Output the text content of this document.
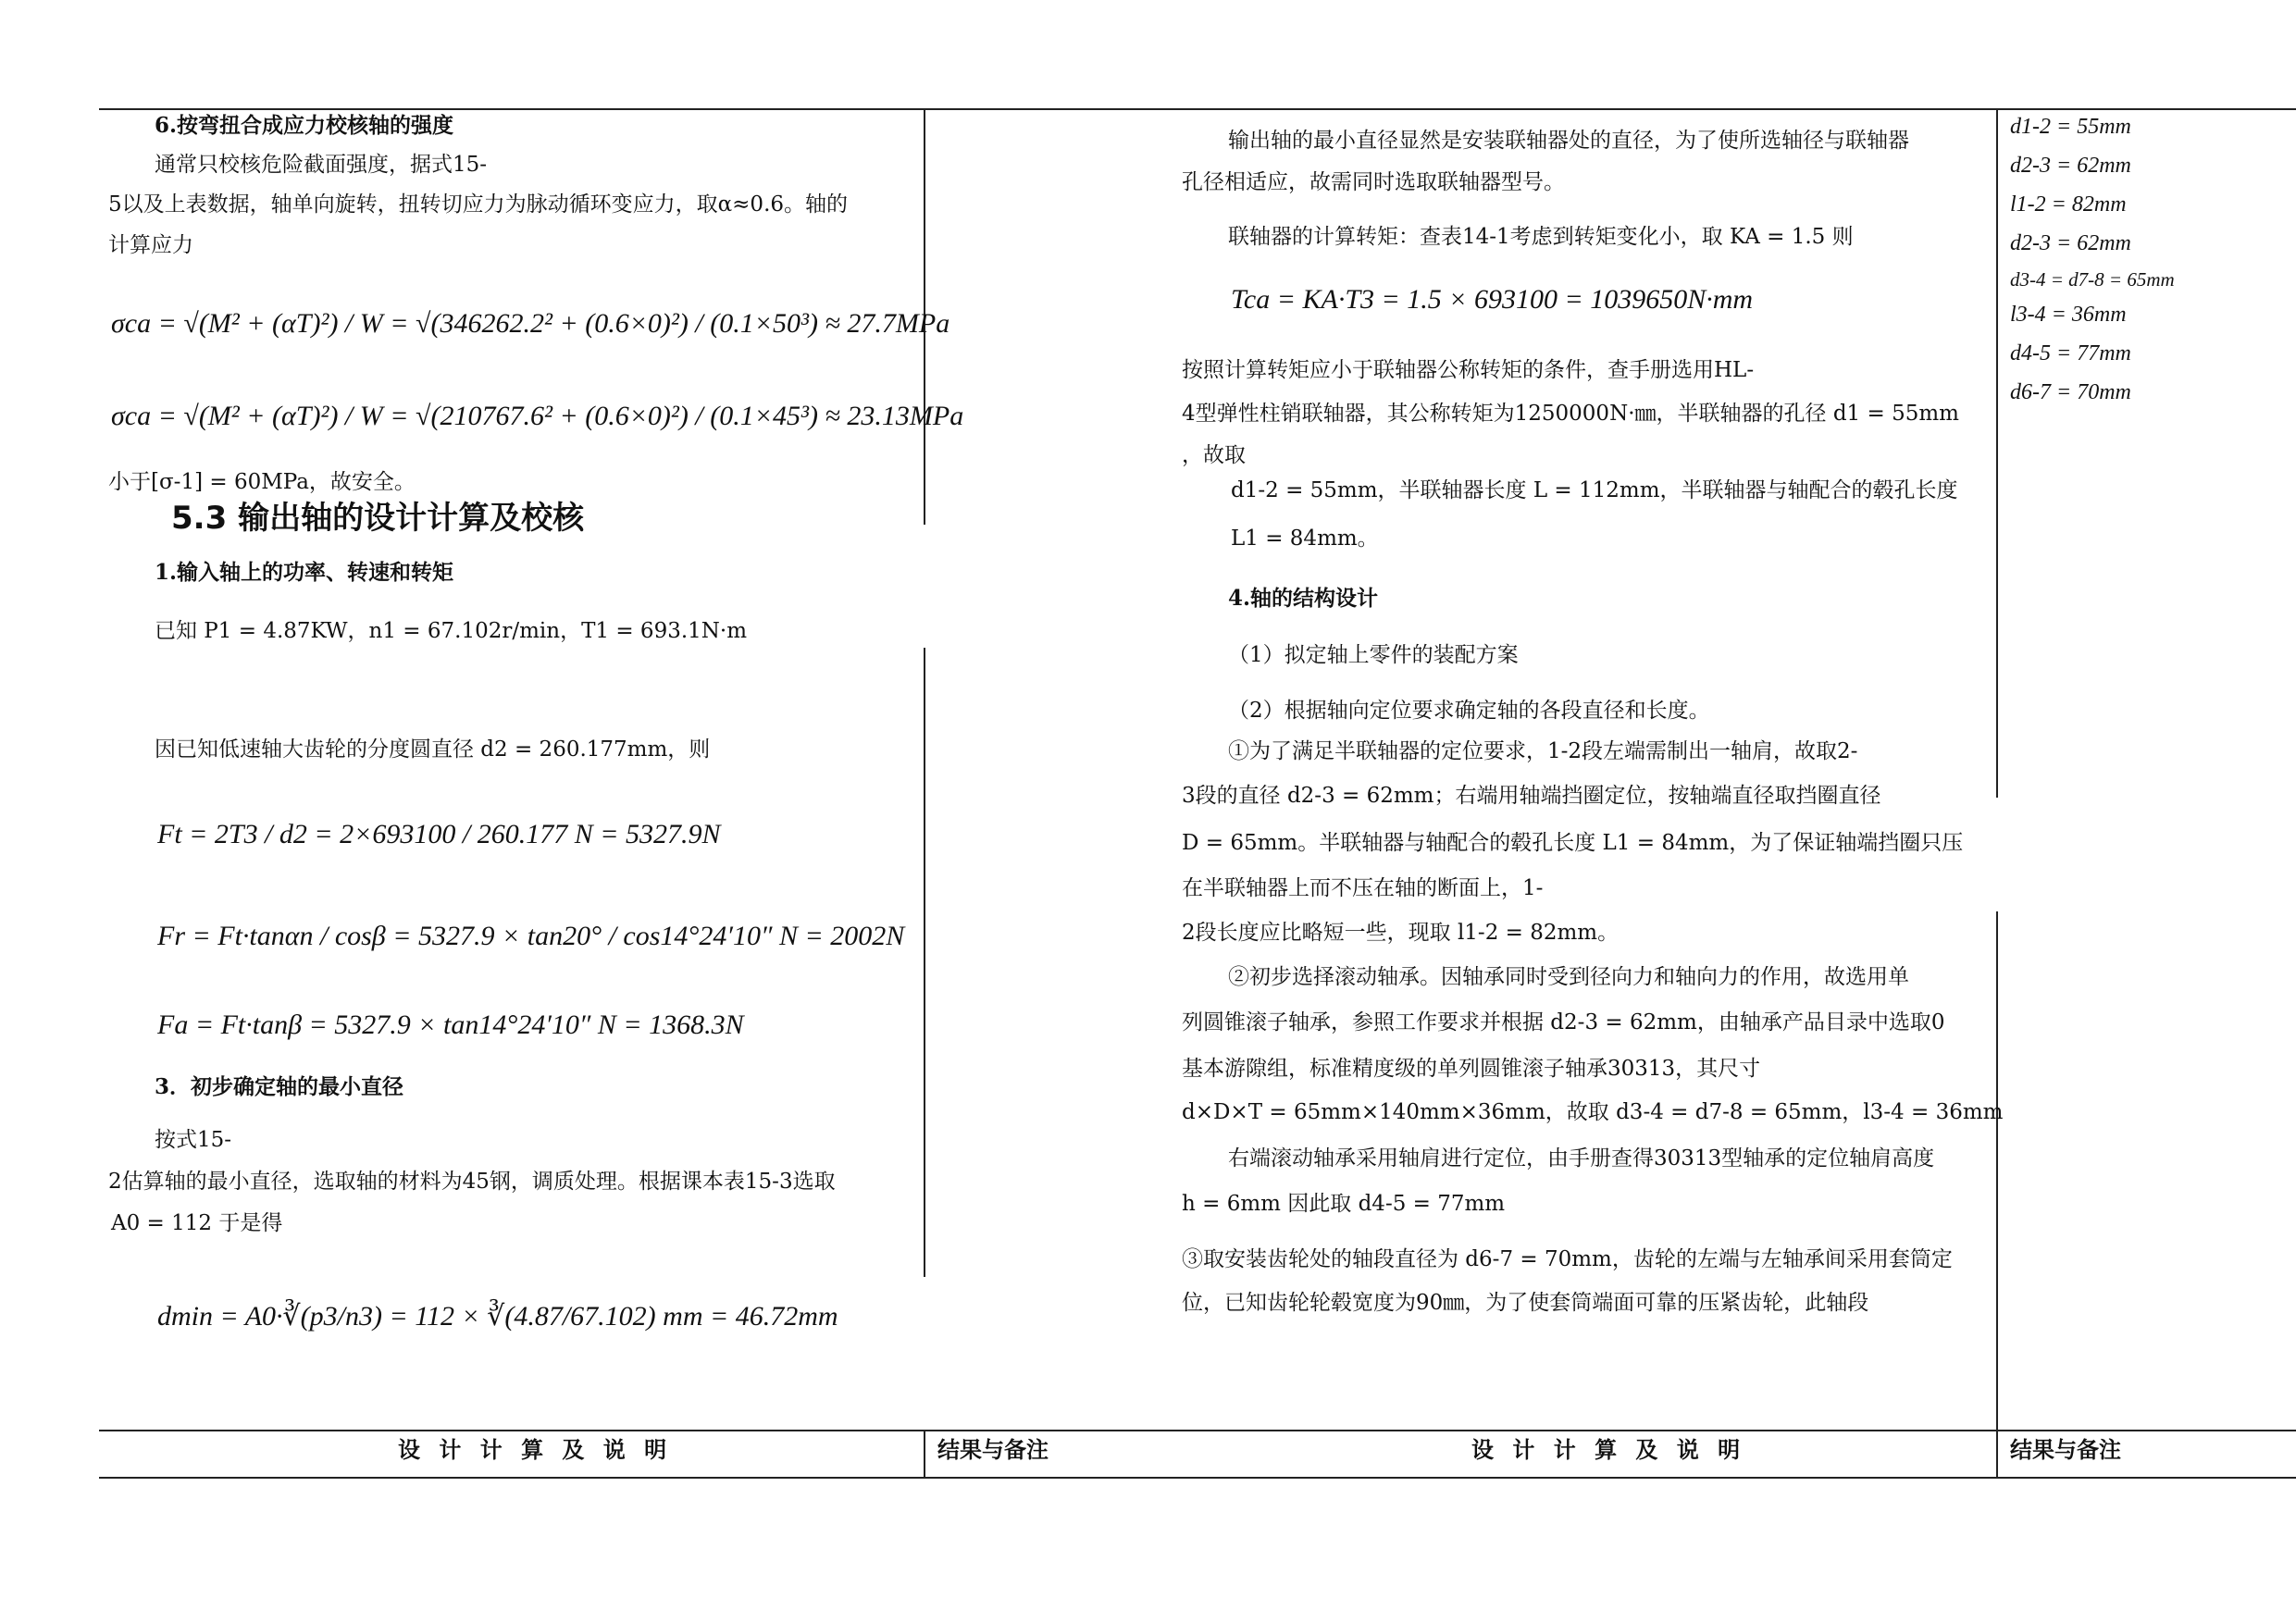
6.按弯扭合成应力校核轴的强度
通常只校核危险截面强度，据式15-
5以及上表数据，轴单向旋转，扭转切应力为脉动循环变应力，取α≈0.6。轴的
计算应力
σca = √(M² + (αT)²) / W = √(346262.2² + (0.6×0)²) / (0.1×50³) ≈ 27.7MPa
σca = √(M² + (αT)²) / W = √(210767.6² + (0.6×0)²) / (0.1×45³) ≈ 23.13MPa
小于[σ-1] = 60MPa，故安全。
5.3 输出轴的设计计算及校核
1.输入轴上的功率、转速和转矩
已知 P1 = 4.87KW，n1 = 67.102r/min，T1 = 693.1N·m
因已知低速轴大齿轮的分度圆直径 d2 = 260.177mm，则
Ft = 2T3 / d2 = 2×693100 / 260.177 N = 5327.9N
Fr = Ft·tanαn / cosβ = 5327.9 × tan20° / cos14°24′10″ N = 2002N
Fa = Ft·tanβ = 5327.9 × tan14°24′10″ N = 1368.3N
3．初步确定轴的最小直径
按式15-
2估算轴的最小直径，选取轴的材料为45钢，调质处理。根据课本表15-3选取
A0 = 112 于是得
dmin = A0·∛(p3/n3) = 112 × ∛(4.87/67.102) mm = 46.72mm
输出轴的最小直径显然是安装联轴器处的直径，为了使所选轴径与联轴器
孔径相适应，故需同时选取联轴器型号。
联轴器的计算转矩：查表14-1考虑到转矩变化小，取 KA = 1.5 则
Tca = KA·T3 = 1.5 × 693100 = 1039650N·mm
按照计算转矩应小于联轴器公称转矩的条件，查手册选用HL-
4型弹性柱销联轴器，其公称转矩为1250000N·㎜，半联轴器的孔径 d1 = 55mm
，故取
d1-2 = 55mm，半联轴器长度 L = 112mm，半联轴器与轴配合的毂孔长度
L1 = 84mm。
4.轴的结构设计
（1）拟定轴上零件的装配方案
（2）根据轴向定位要求确定轴的各段直径和长度。
①为了满足半联轴器的定位要求，1-2段左端需制出一轴肩，故取2-
3段的直径 d2-3 = 62mm；右端用轴端挡圈定位，按轴端直径取挡圈直径
D = 65mm。半联轴器与轴配合的毂孔长度 L1 = 84mm，为了保证轴端挡圈只压
在半联轴器上而不压在轴的断面上，1-
2段长度应比略短一些，现取 l1-2 = 82mm。
②初步选择滚动轴承。因轴承同时受到径向力和轴向力的作用，故选用单
列圆锥滚子轴承，参照工作要求并根据 d2-3 = 62mm，由轴承产品目录中选取0
基本游隙组，标准精度级的单列圆锥滚子轴承30313，其尺寸
d×D×T = 65mm×140mm×36mm，故取 d3-4 = d7-8 = 65mm，l3-4 = 36mm
右端滚动轴承采用轴肩进行定位，由手册查得30313型轴承的定位轴肩高度
h = 6mm 因此取 d4-5 = 77mm
③取安装齿轮处的轴段直径为 d6-7 = 70mm，齿轮的左端与左轴承间采用套筒定
位，已知齿轮轮毂宽度为90㎜，为了使套筒端面可靠的压紧齿轮，此轴段
d1-2 = 55mm
d2-3 = 62mm
l1-2 = 82mm
d2-3 = 62mm
d3-4 = d7-8 = 65mm
l3-4 = 36mm
d4-5 = 77mm
d6-7 = 70mm
设 计 计 算 及 说 明	结果与备注	设 计 计 算 及 说 明	结果与备注
